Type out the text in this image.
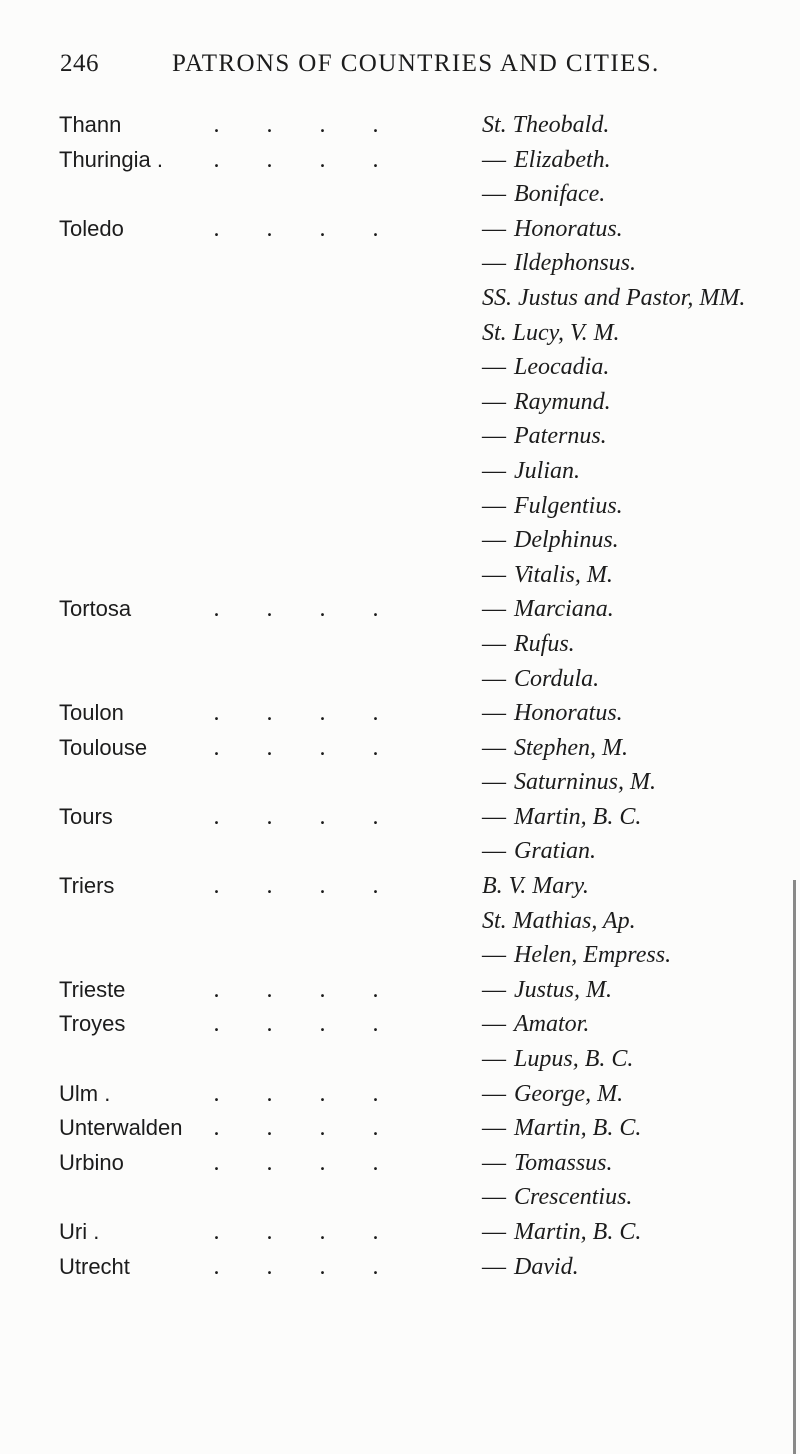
246	PATRONS OF COUNTRIES AND CITIES.
Thann	. . . .	St. Theobald.
Thuringia .	. . . .	— Elizabeth.
— Boniface.
Toledo	. . . .	— Honoratus.
— Ildephonsus.
SS. Justus and Pastor, MM.
St. Lucy, V. M.
— Leocadia.
— Raymund.
— Paternus.
— Julian.
— Fulgentius.
— Delphinus.
— Vitalis, M.
Tortosa	. . . .	— Marciana.
— Rufus.
— Cordula.
Toulon	. . . .	— Honoratus.
Toulouse	. . . .	— Stephen, M.
— Saturninus, M.
Tours	. . . .	— Martin, B. C.
— Gratian.
Triers	. . . .	B. V. Mary.
St. Mathias, Ap.
— Helen, Empress.
Trieste	. . . .	— Justus, M.
Troyes	. . . .	— Amator.
— Lupus, B. C.
Ulm .	. . . .	— George, M.
Unterwalden	. . . .	— Martin, B. C.
Urbino	. . . .	— Tomassus.
— Crescentius.
Uri .	. . . .	— Martin, B. C.
Utrecht	. . . .	— David.
